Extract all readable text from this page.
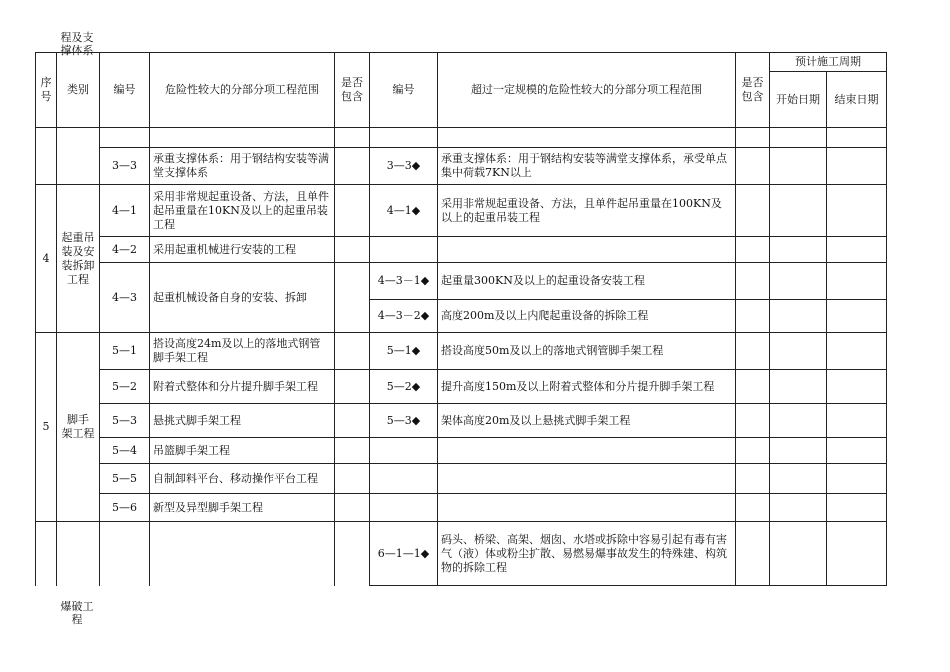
程及支
撑体系
序
号	类别	编号	危险性较大的分部分项工程范围	是否
包含	编号	超过一定规模的危险性较大的分部分项工程范围	是否
包含	预计施工周期	
								开始日期	结束日期

		3—3	承重支撑体系：用于钢结构安装等满堂支撑体系		3—3◆	承重支撑体系：用于钢结构安装等满堂支撑体系，承受单点集中荷载7KN以上			
4	起重吊
装及安
装拆卸
工程	4—1	采用非常规起重设备、方法，且单件起吊重量在10KN及以上的起重吊装工程		4—1◆	采用非常规起重设备、方法，且单件起吊重量在100KN及以上的起重吊装工程			
		4—2	采用起重机械进行安装的工程						
		4—3	起重机械设备自身的安装、拆卸		4—3－1◆	起重量300KN及以上的起重设备安装工程			
					4—3－2◆	高度200m及以上内爬起重设备的拆除工程			
5	脚手
架工程	5—1	搭设高度24m及以上的落地式钢管脚手架工程		5—1◆	搭设高度50m及以上的落地式钢管脚手架工程			
		5—2	附着式整体和分片提升脚手架工程		5—2◆	提升高度150m及以上附着式整体和分片提升脚手架工程			
		5—3	悬挑式脚手架工程		5—3◆	架体高度20m及以上悬挑式脚手架工程			
		5—4	吊篮脚手架工程						
		5—5	自制卸料平台、移动操作平台工程						
		5—6	新型及异型脚手架工程						
					6—1—1◆	码头、桥梁、高架、烟囱、水塔或拆除中容易引起有毒有害气（液）体或粉尘扩散、易燃易爆事故发生的特殊建、构筑物的拆除工程			
爆破工
程
